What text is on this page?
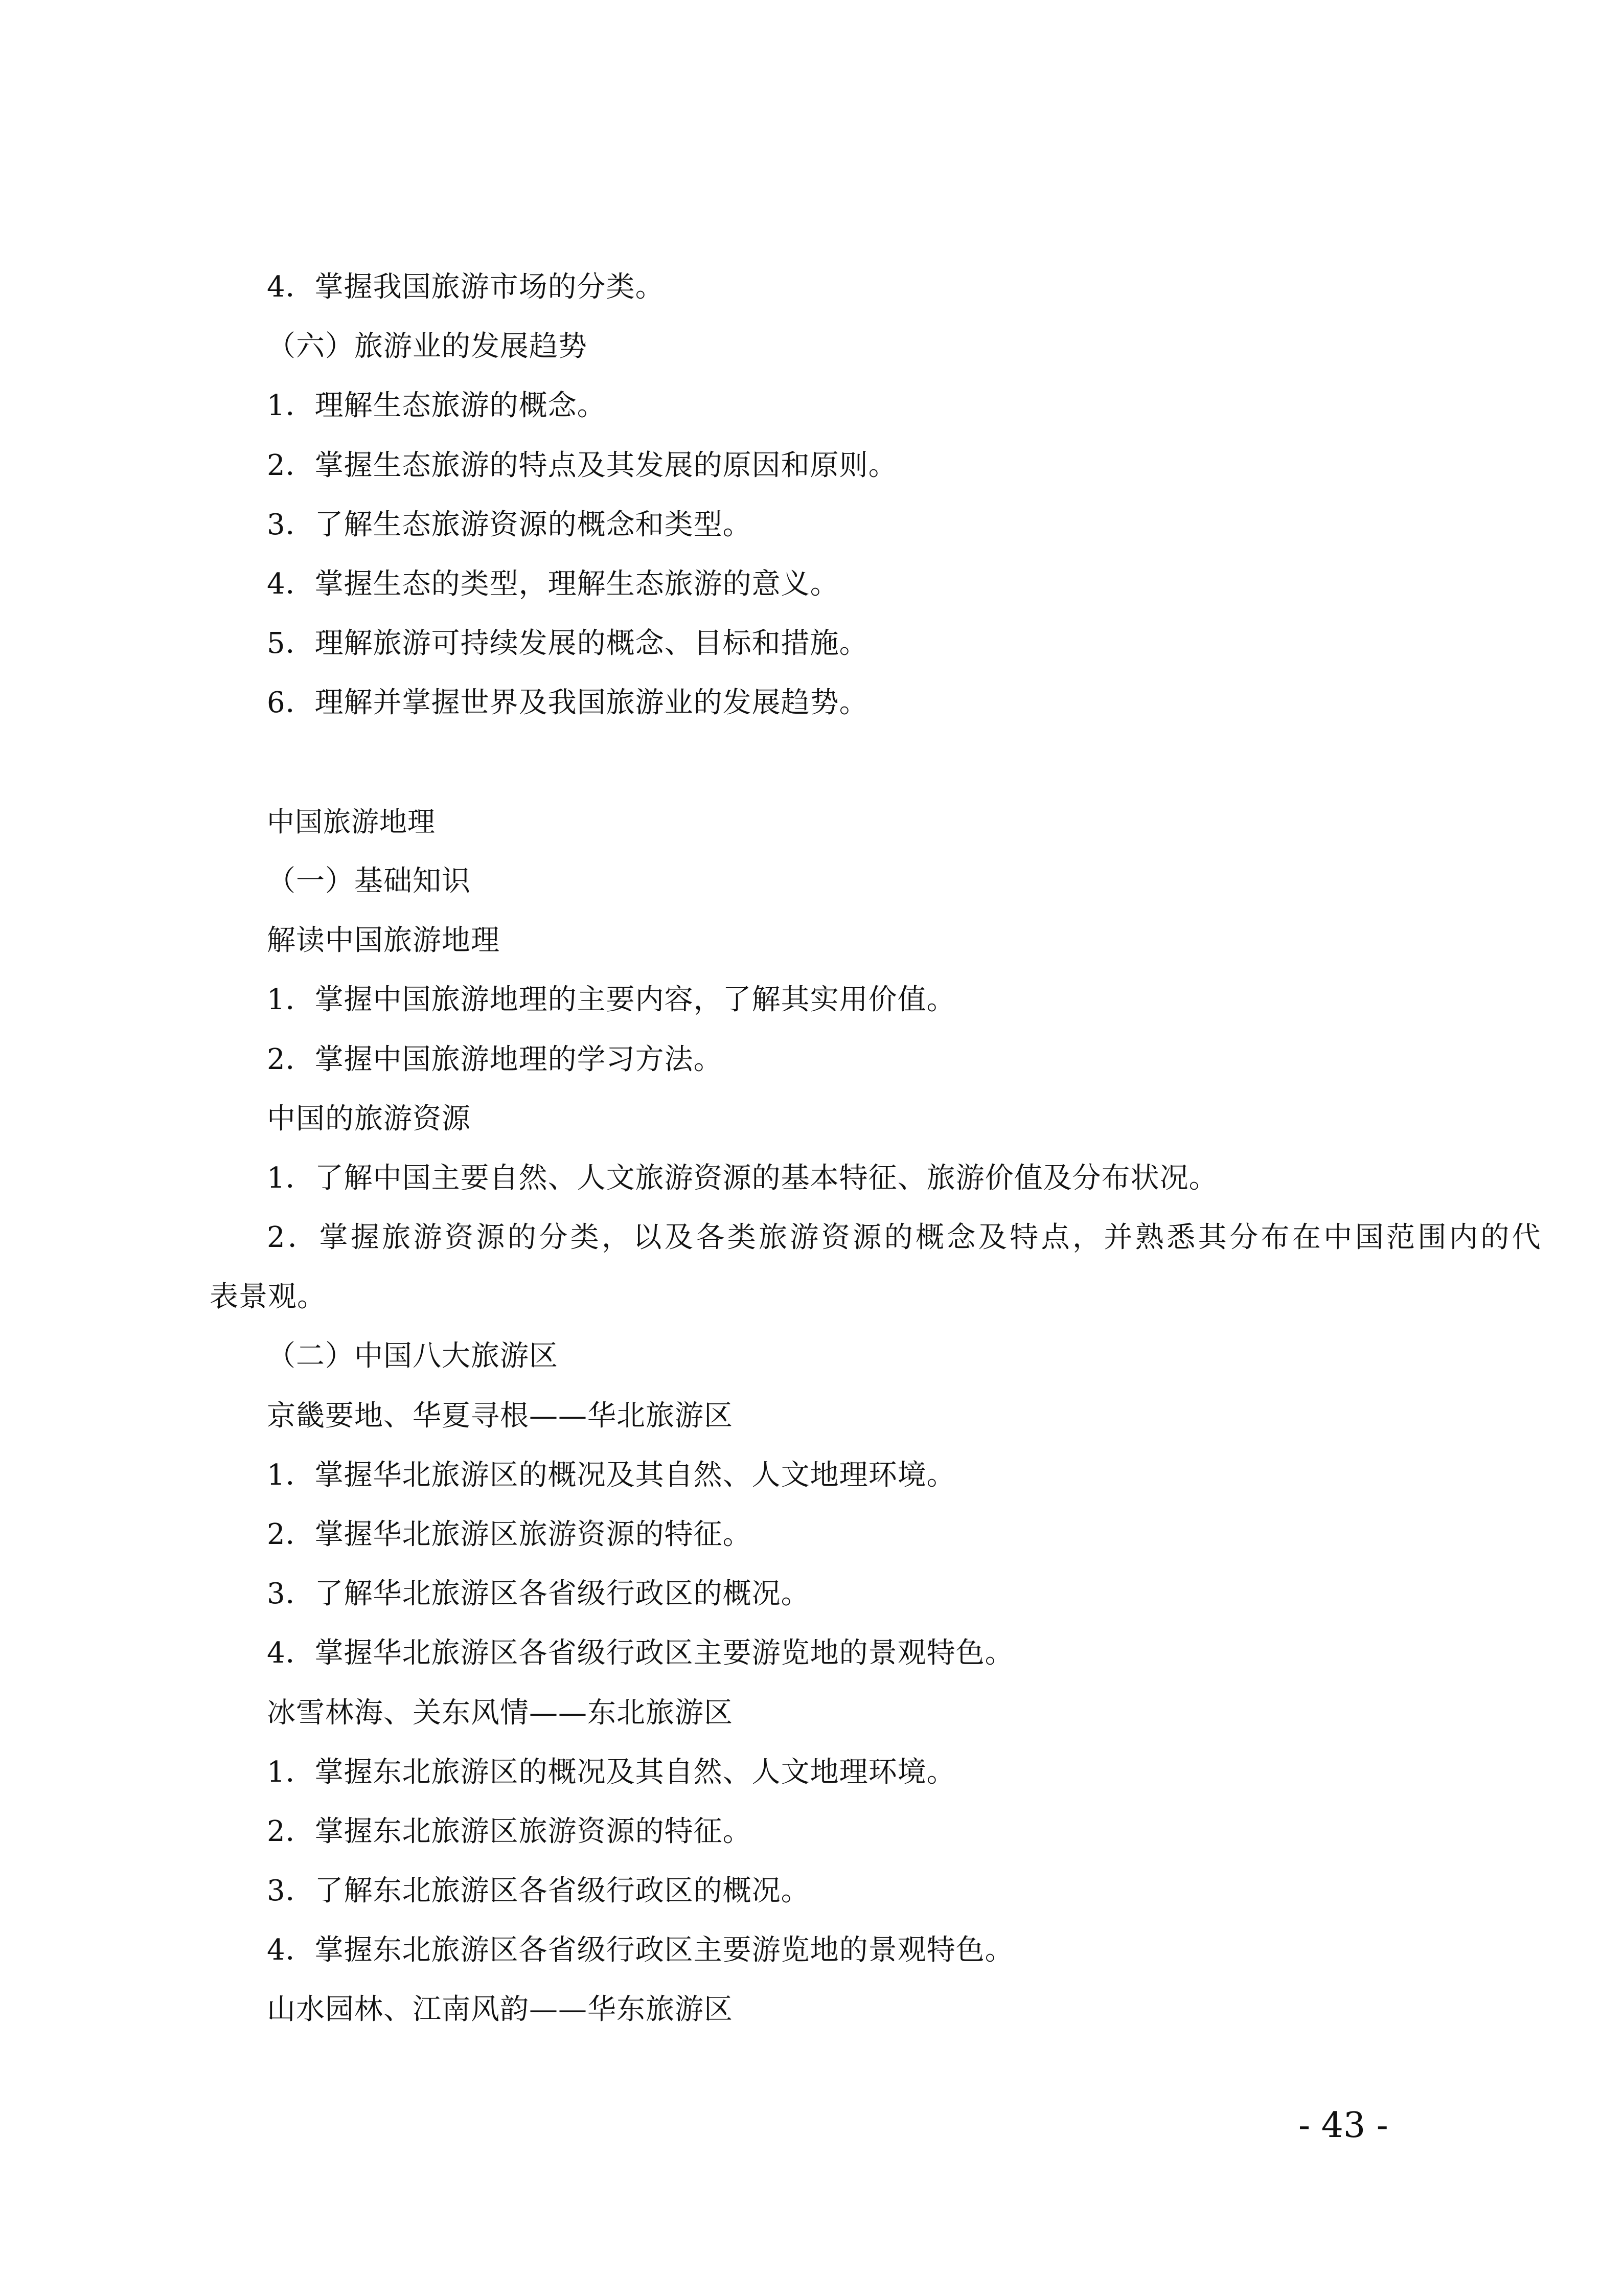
4．掌握我国旅游市场的分类。

（六）旅游业的发展趋势

1．理解生态旅游的概念。

2．掌握生态旅游的特点及其发展的原因和原则。

3．了解生态旅游资源的概念和类型。

4．掌握生态的类型，理解生态旅游的意义。

5．理解旅游可持续发展的概念、目标和措施。

6．理解并掌握世界及我国旅游业的发展趋势。

中国旅游地理

（一）基础知识

解读中国旅游地理

1．掌握中国旅游地理的主要内容，了解其实用价值。

2．掌握中国旅游地理的学习方法。

中国的旅游资源

1．了解中国主要自然、人文旅游资源的基本特征、旅游价值及分布状况。

2．掌握旅游资源的分类，以及各类旅游资源的概念及特点，并熟悉其分布在中国范围内的代

表景观。

（二）中国八大旅游区

京畿要地、华夏寻根——华北旅游区

1．掌握华北旅游区的概况及其自然、人文地理环境。

2．掌握华北旅游区旅游资源的特征。

3．了解华北旅游区各省级行政区的概况。

4．掌握华北旅游区各省级行政区主要游览地的景观特色。

冰雪林海、关东风情——东北旅游区

1．掌握东北旅游区的概况及其自然、人文地理环境。

2．掌握东北旅游区旅游资源的特征。

3．了解东北旅游区各省级行政区的概况。

4．掌握东北旅游区各省级行政区主要游览地的景观特色。

山水园林、江南风韵——华东旅游区

- 43 -
